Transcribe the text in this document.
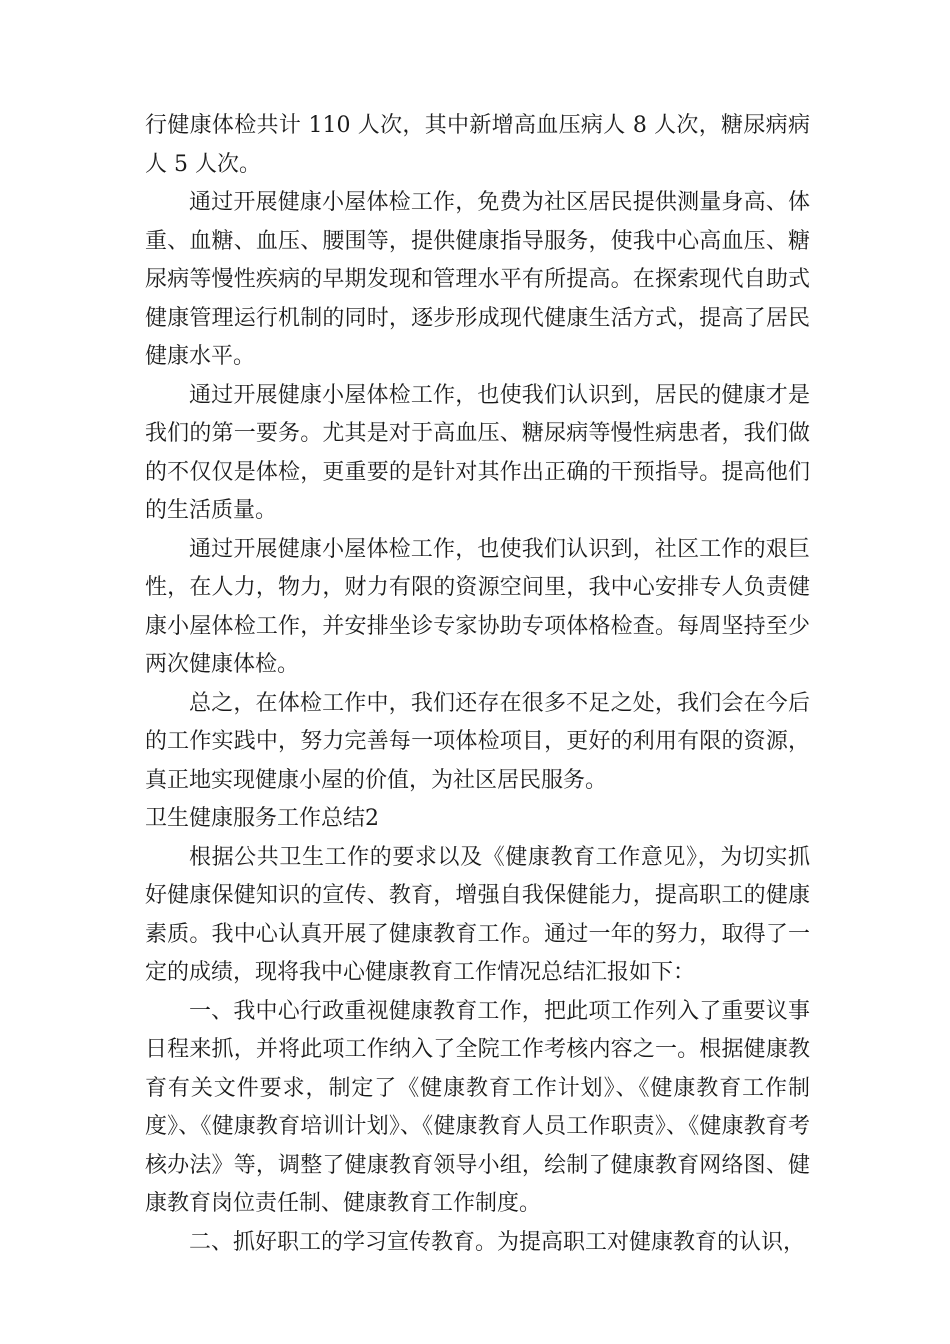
行健康体检共计 110 人次，其中新增高血压病人 8 人次，糖尿病病人 5 人次。

通过开展健康小屋体检工作，免费为社区居民提供测量身高、体重、血糖、血压、腰围等，提供健康指导服务，使我中心高血压、糖尿病等慢性疾病的早期发现和管理水平有所提高。在探索现代自助式健康管理运行机制的同时，逐步形成现代健康生活方式，提高了居民健康水平。

通过开展健康小屋体检工作，也使我们认识到，居民的健康才是我们的第一要务。尤其是对于高血压、糖尿病等慢性病患者，我们做的不仅仅是体检，更重要的是针对其作出正确的干预指导。提高他们的生活质量。

通过开展健康小屋体检工作，也使我们认识到，社区工作的艰巨性，在人力，物力，财力有限的资源空间里，我中心安排专人负责健康小屋体检工作，并安排坐诊专家协助专项体格检查。每周坚持至少两次健康体检。

总之，在体检工作中，我们还存在很多不足之处，我们会在今后的工作实践中，努力完善每一项体检项目，更好的利用有限的资源，真正地实现健康小屋的价值，为社区居民服务。

卫生健康服务工作总结2

根据公共卫生工作的要求以及《健康教育工作意见》，为切实抓好健康保健知识的宣传、教育，增强自我保健能力，提高职工的健康素质。我中心认真开展了健康教育工作。通过一年的努力，取得了一定的成绩，现将我中心健康教育工作情况总结汇报如下：

一、我中心行政重视健康教育工作，把此项工作列入了重要议事日程来抓，并将此项工作纳入了全院工作考核内容之一。根据健康教育有关文件要求，制定了《健康教育工作计划》、《健康教育工作制度》、《健康教育培训计划》、《健康教育人员工作职责》、《健康教育考核办法》等，调整了健康教育领导小组，绘制了健康教育网络图、健康教育岗位责任制、健康教育工作制度。

二、抓好职工的学习宣传教育。为提高职工对健康教育的认识，
